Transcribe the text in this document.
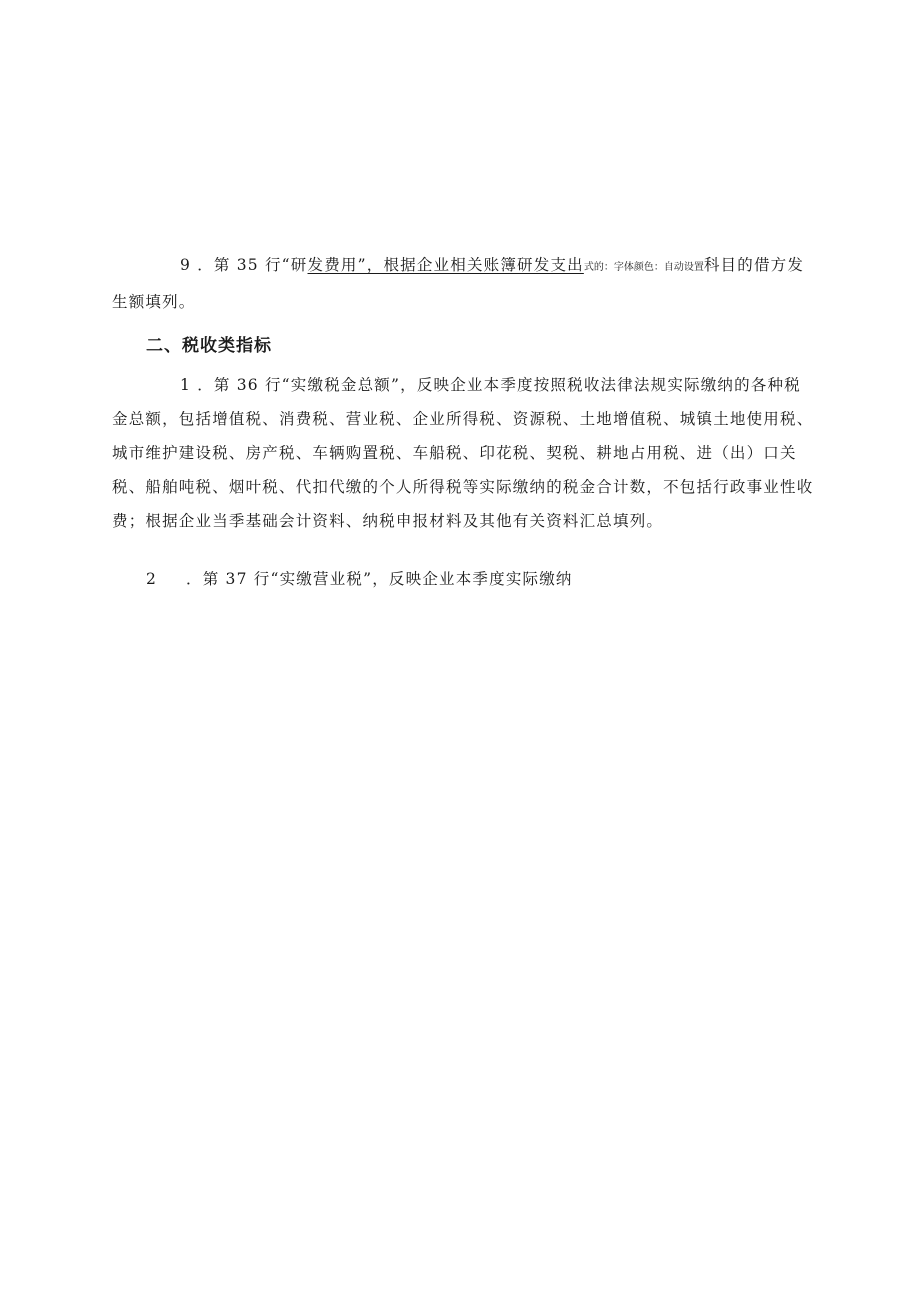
9 ．第 35 行“研发费用”，根据企业相关账簿研发支出式的：字体颜色：自动设置科目的借方发生额填列。

二、税收类指标

1 ．第 36 行“实缴税金总额”，反映企业本季度按照税收法律法规实际缴纳的各种税金总额，包括增值税、消费税、营业税、企业所得税、资源税、土地增值税、城镇土地使用税、城市维护建设税、房产税、车辆购置税、车船税、印花税、契税、耕地占用税、进（出）口关税、船舶吨税、烟叶税、代扣代缴的个人所得税等实际缴纳的税金合计数，不包括行政事业性收费；根据企业当季基础会计资料、纳税申报材料及其他有关资料汇总填列。

2 ．第 37 行“实缴营业税”，反映企业本季度实际缴纳
